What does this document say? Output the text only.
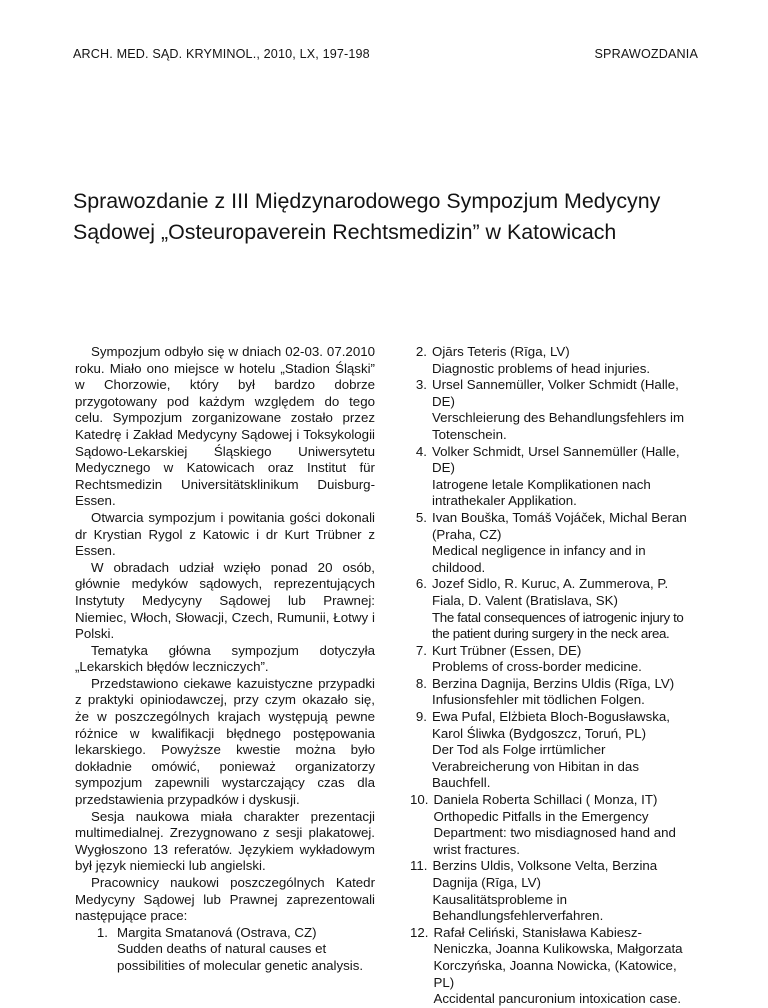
ARCH. MED. SĄD. KRYMINOL., 2010, LX, 197-198	SPRAWOZDANIA
Sprawozdanie z III Międzynarodowego Sympozjum Medycyny
Sądowej „Osteuropaverein Rechtsmedizin” w Katowicach

Sympozjum odbyło się w dniach 02-03. 07.2010 roku. Miało ono miejsce w hotelu „Stadion Śląski” w Chorzowie, który był bardzo dobrze przygotowany pod każdym względem do tego celu. Sympozjum zorganizowane zostało przez Katedrę i Zakład Medycyny Sądowej i Toksykologii Sądowo-Lekarskiej Śląskiego Uniwersytetu Medycznego w Katowicach oraz Institut für Rechtsmedizin Universitätsklinikum Duisburg-Essen.

Otwarcia sympozjum i powitania gości dokonali dr Krystian Rygol z Katowic i dr Kurt Trübner z Essen.

W obradach udział wzięło ponad 20 osób, głównie medyków sądowych, reprezentujących Instytuty Medycyny Sądowej lub Prawnej: Niemiec, Włoch, Słowacji, Czech, Rumunii, Łotwy i Polski.

Tematyka główna sympozjum dotyczyła „Lekarskich błędów leczniczych”.

Przedstawiono ciekawe kazuistyczne przypadki z praktyki opiniodawczej, przy czym okazało się, że w poszczególnych krajach występują pewne różnice w kwalifikacji błędnego postępowania lekarskiego. Powyższe kwestie można było dokładnie omówić, ponieważ organizatorzy sympozjum zapewnili wystarczający czas dla przedstawienia przypadków i dyskusji.

Sesja naukowa miała charakter prezentacji multimedialnej. Zrezygnowano z sesji plakatowej. Wygłoszono 13 referatów. Językiem wykładowym był język niemiecki lub angielski.

Pracownicy naukowi poszczególnych Katedr Medycyny Sądowej lub Prawnej zaprezentowali następujące prace:

1. Margita Smatanová (Ostrava, CZ)
Sudden deaths of natural causes et possibilities of molecular genetic analysis.
2. Ojārs Teteris (Rīga, LV)
Diagnostic problems of head injuries.
3. Ursel Sannemüller, Volker Schmidt (Halle, DE)
Verschleierung des Behandlungsfehlers im Totenschein.
4. Volker Schmidt, Ursel Sannemüller (Halle, DE)
Iatrogene letale Komplikationen nach intrathekaler Applikation.
5. Ivan Bouška, Tomáš Vojáček, Michal Beran (Praha, CZ)
Medical negligence in infancy and in childood.
6. Jozef Sidlo, R. Kuruc, A. Zummerova, P. Fiala, D. Valent (Bratislava, SK)
The fatal consequences of iatrogenic injury to the patient during surgery in the neck area.
7. Kurt Trübner (Essen, DE)
Problems of cross-border medicine.
8. Berzina Dagnija, Berzins Uldis (Rīga, LV)
Infusionsfehler mit tödlichen Folgen.
9. Ewa Pufal, Elżbieta Bloch-Bogusławska, Karol Śliwka (Bydgoszcz, Toruń, PL)
Der Tod als Folge irrtümlicher Verabreicherung von Hibitan in das Bauchfell.
10. Daniela Roberta Schillaci ( Monza, IT)
Orthopedic Pitfalls in the Emergency Department: two misdiagnosed hand and wrist fractures.
11. Berzins Uldis, Volksone Velta, Berzina Dagnija (Rīga, LV)
Kausalitätsprobleme in Behandlungsfehlerverfahren.
12. Rafał Celiński, Stanisława Kabiesz-Neniczka, Joanna Kulikowska, Małgorzata Korczyńska, Joanna Nowicka, (Katowice, PL)
Accidental pancuronium intoxication case.
